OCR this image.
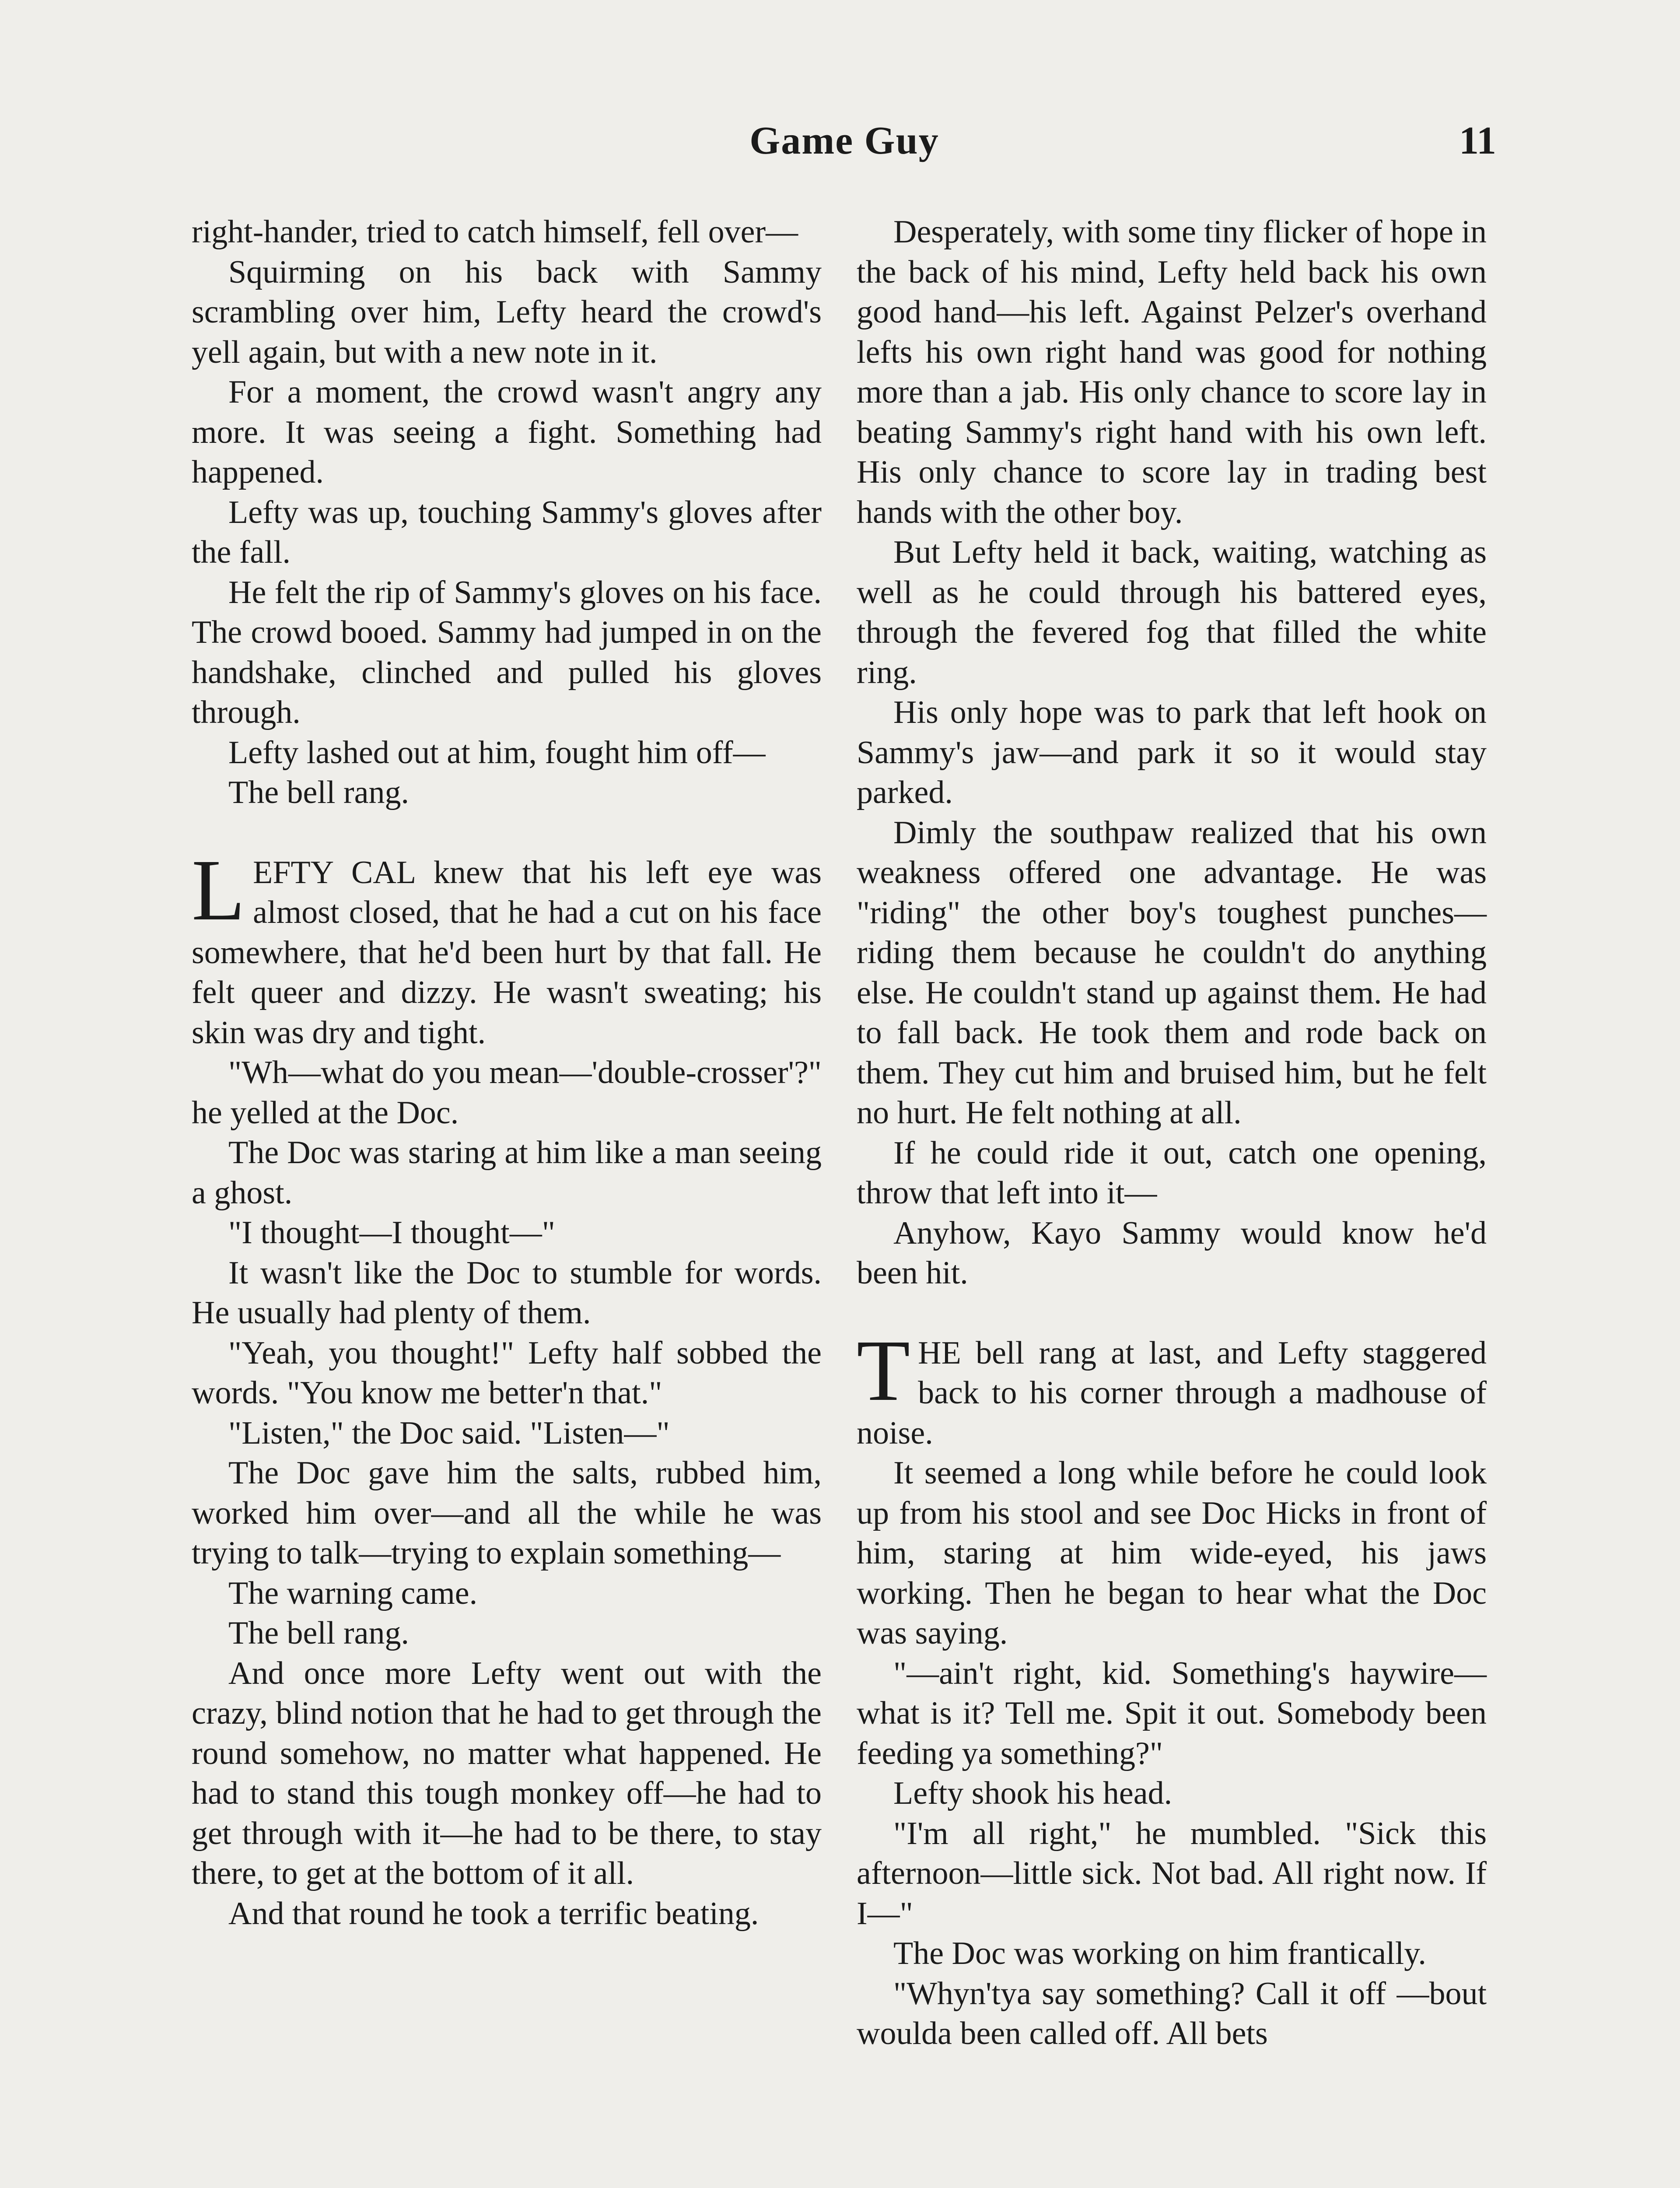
Game Guy	11

right-hander, tried to catch himself, fell over—

Squirming on his back with Sammy scrambling over him, Lefty heard the crowd's yell again, but with a new note in it.

For a moment, the crowd wasn't angry any more. It was seeing a fight. Something had happened.

Lefty was up, touching Sammy's gloves after the fall.

He felt the rip of Sammy's gloves on his face. The crowd booed. Sammy had jumped in on the handshake, clinched and pulled his gloves through.

Lefty lashed out at him, fought him off—

The bell rang.

LEFTY CAL knew that his left eye was almost closed, that he had a cut on his face somewhere, that he'd been hurt by that fall. He felt queer and dizzy. He wasn't sweating; his skin was dry and tight.

"Wh—what do you mean—'double-crosser'?" he yelled at the Doc.

The Doc was staring at him like a man seeing a ghost.

"I thought—I thought—"

It wasn't like the Doc to stumble for words. He usually had plenty of them.

"Yeah, you thought!" Lefty half sobbed the words. "You know me better'n that."

"Listen," the Doc said. "Listen—"

The Doc gave him the salts, rubbed him, worked him over—and all the while he was trying to talk—trying to explain something—

The warning came.

The bell rang.

And once more Lefty went out with the crazy, blind notion that he had to get through the round somehow, no matter what happened. He had to stand this tough monkey off—he had to get through with it—he had to be there, to stay there, to get at the bottom of it all.

And that round he took a terrific beating.

Desperately, with some tiny flicker of hope in the back of his mind, Lefty held back his own good hand—his left. Against Pelzer's overhand lefts his own right hand was good for nothing more than a jab. His only chance to score lay in beating Sammy's right hand with his own left. His only chance to score lay in trading best hands with the other boy.

But Lefty held it back, waiting, watching as well as he could through his battered eyes, through the fevered fog that filled the white ring.

His only hope was to park that left hook on Sammy's jaw—and park it so it would stay parked.

Dimly the southpaw realized that his own weakness offered one advantage. He was "riding" the other boy's toughest punches—riding them because he couldn't do anything else. He couldn't stand up against them. He had to fall back. He took them and rode back on them. They cut him and bruised him, but he felt no hurt. He felt nothing at all.

If he could ride it out, catch one opening, throw that left into it—

Anyhow, Kayo Sammy would know he'd been hit.

THE bell rang at last, and Lefty staggered back to his corner through a madhouse of noise.

It seemed a long while before he could look up from his stool and see Doc Hicks in front of him, staring at him wide-eyed, his jaws working. Then he began to hear what the Doc was saying.

"—ain't right, kid. Something's haywire—what is it? Tell me. Spit it out. Somebody been feeding ya something?"

Lefty shook his head.

"I'm all right," he mumbled. "Sick this afternoon—little sick. Not bad. All right now. If I—"

The Doc was working on him frantically.

"Whyn'tya say something? Call it off —bout woulda been called off. All bets
